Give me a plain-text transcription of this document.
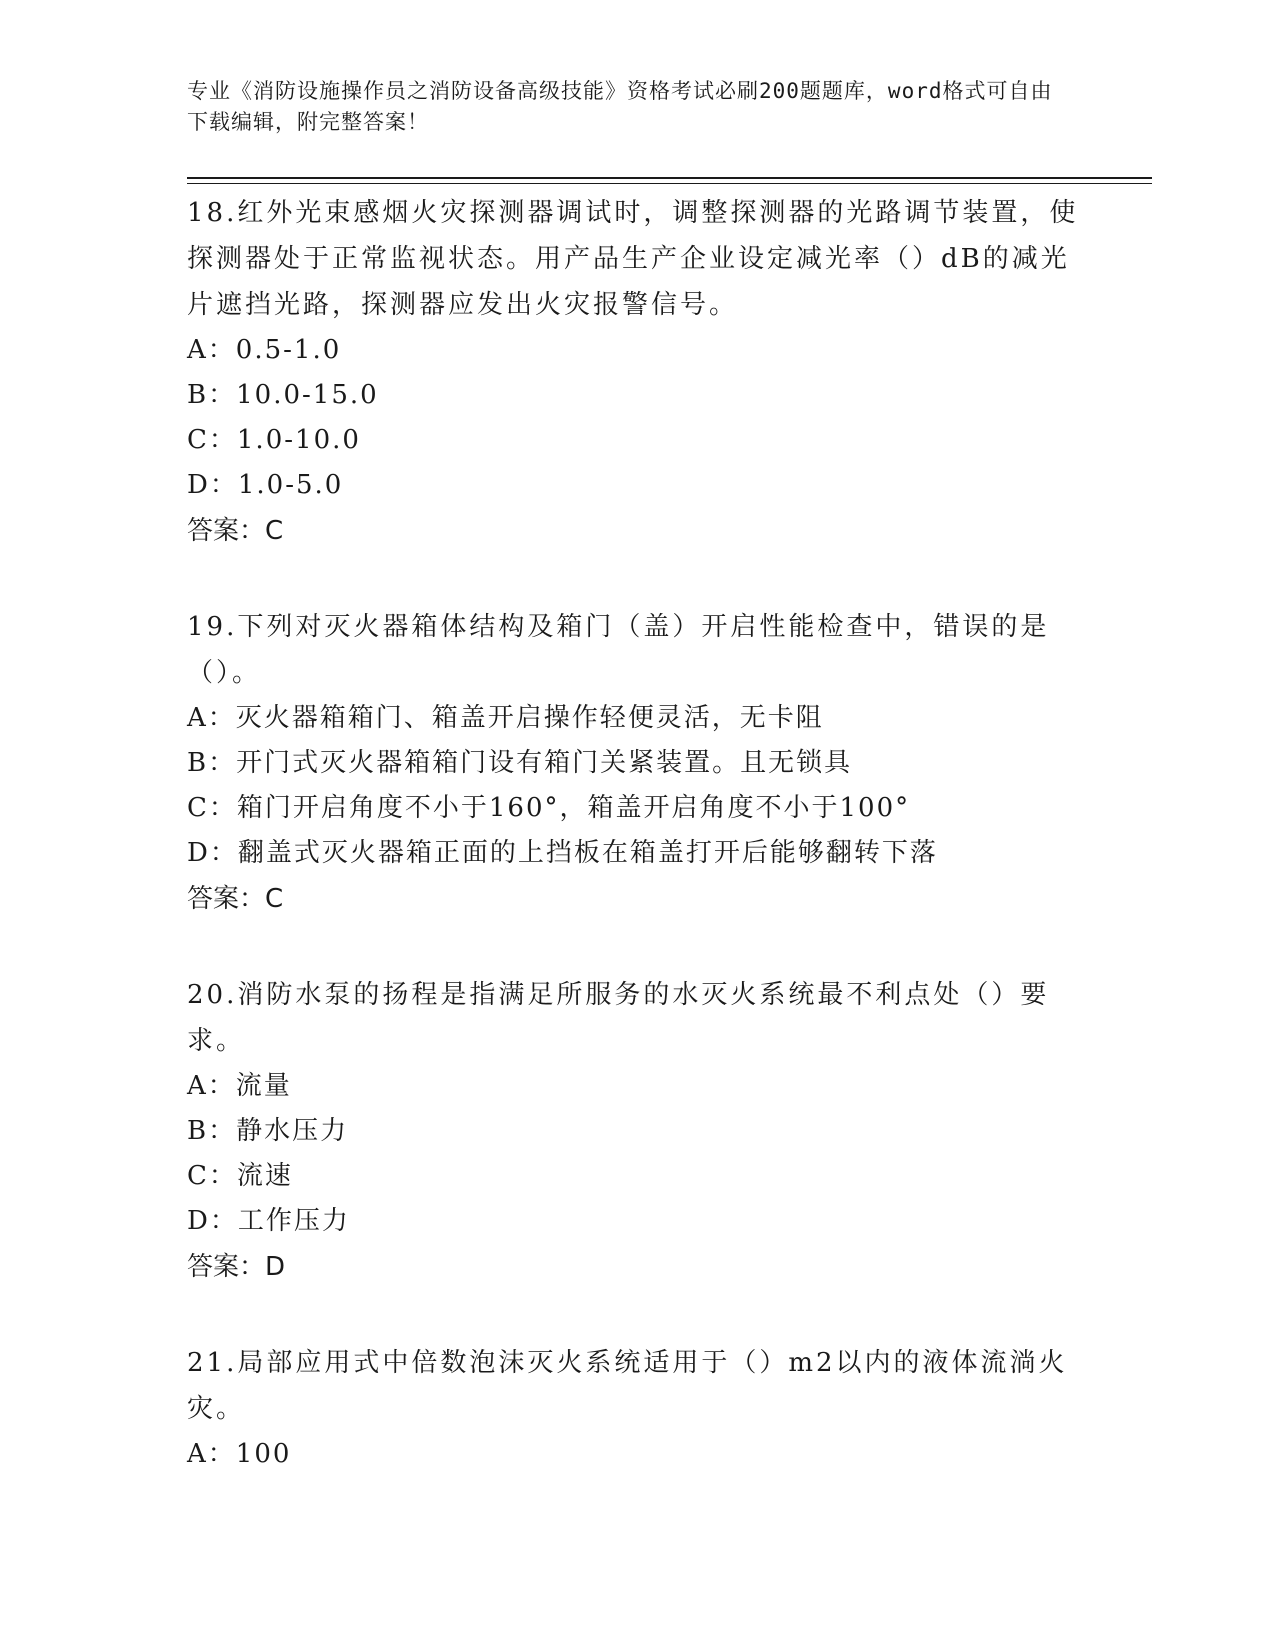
专业《消防设施操作员之消防设备高级技能》资格考试必刷200题题库，word格式可自由下载编辑，附完整答案！

18.红外光束感烟火灾探测器调试时，调整探测器的光路调节装置，使探测器处于正常监视状态。用产品生产企业设定减光率（）dB的减光片遮挡光路，探测器应发出火灾报警信号。

A：0.5-1.0

B：10.0-15.0

C：1.0-10.0

D：1.0-5.0

答案：C

19.下列对灭火器箱体结构及箱门（盖）开启性能检查中，错误的是（）。

A：灭火器箱箱门、箱盖开启操作轻便灵活，无卡阻

B：开门式灭火器箱箱门设有箱门关紧装置。且无锁具

C：箱门开启角度不小于160°，箱盖开启角度不小于100°

D：翻盖式灭火器箱正面的上挡板在箱盖打开后能够翻转下落

答案：C

20.消防水泵的扬程是指满足所服务的水灭火系统最不利点处（）要求。

A：流量

B：静水压力

C：流速

D：工作压力

答案：D

21.局部应用式中倍数泡沫灭火系统适用于（）m2以内的液体流淌火灾。

A：100
